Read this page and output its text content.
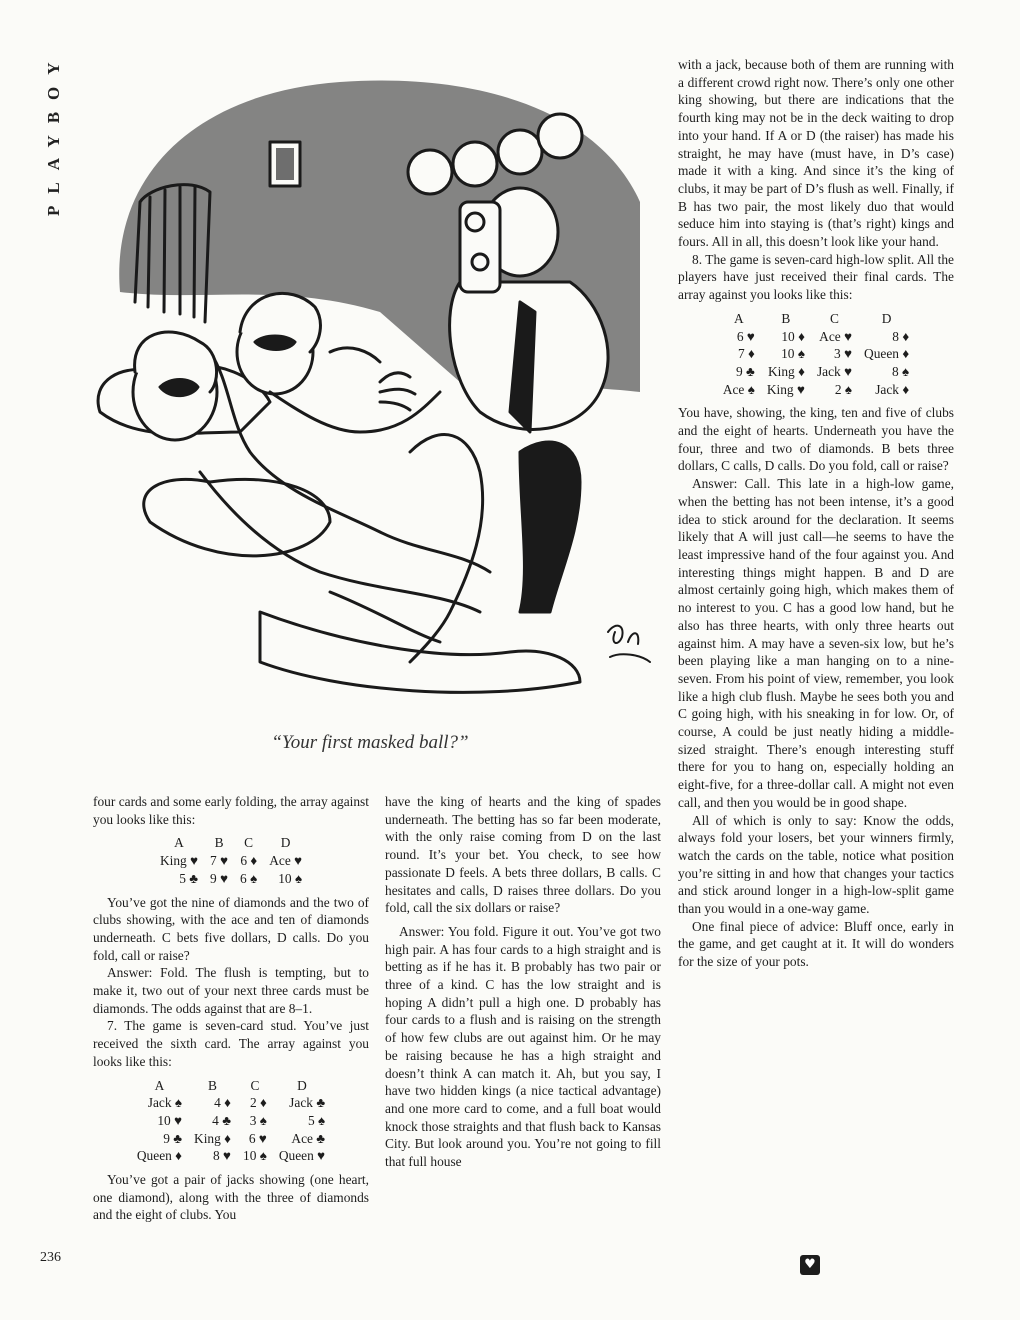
PLAYBOY
“Your first masked ball?”

four cards and some early folding, the array against you looks like this:

A	B	C	D
King ♥	7 ♥	6 ♦	Ace ♥
5 ♣	9 ♥	6 ♠	10 ♠

You’ve got the nine of diamonds and the two of clubs showing, with the ace and ten of diamonds underneath. C bets five dollars, D calls. Do you fold, call or raise?

Answer: Fold. The flush is tempting, but to make it, two out of your next three cards must be diamonds. The odds against that are 8–1.

7. The game is seven-card stud. You’ve just received the sixth card. The array against you looks like this:

A	B	C	D
Jack ♠	4 ♦	2 ♦	Jack ♣
10 ♥	4 ♣	3 ♠	5 ♠
9 ♣	King ♦	6 ♥	Ace ♣
Queen ♦	8 ♥	10 ♠	Queen ♥

You’ve got a pair of jacks showing (one heart, one diamond), along with the three of diamonds and the eight of clubs. You

have the king of hearts and the king of spades underneath. The betting has so far been moderate, with the only raise coming from D on the last round. It’s your bet. You check, to see how passionate D feels. A bets three dollars, B calls. C hesitates and calls, D raises three dollars. Do you fold, call the six dollars or raise?

Answer: You fold. Figure it out. You’ve got two high pair. A has four cards to a high straight and is betting as if he has it. B probably has two pair or three of a kind. C has the low straight and is hoping A didn’t pull a high one. D probably has four cards to a flush and is raising on the strength of how few clubs are out against him. Or he may be raising because he has a high straight and doesn’t think A can match it. Ah, but you say, I have two hidden kings (a nice tactical advantage) and one more card to come, and a full boat would knock those straights and that flush back to Kansas City. But look around you. You’re not going to fill that full house

with a jack, because both of them are running with a different crowd right now. There’s only one other king showing, but there are indications that the fourth king may not be in the deck waiting to drop into your hand. If A or D (the raiser) has made his straight, he may have (must have, in D’s case) made it with a king. And since it’s the king of clubs, it may be part of D’s flush as well. Finally, if B has two pair, the most likely duo that would seduce him into staying is (that’s right) kings and fours. All in all, this doesn’t look like your hand.

8. The game is seven-card high-low split. All the players have just received their final cards. The array against you looks like this:

A	B	C	D
6 ♥	10 ♦	Ace ♥	8 ♦
7 ♦	10 ♠	3 ♥	Queen ♦
9 ♣	King ♦	Jack ♥	8 ♠
Ace ♠	King ♥	2 ♠	Jack ♦

You have, showing, the king, ten and five of clubs and the eight of hearts. Underneath you have the four, three and two of diamonds. B bets three dollars, C calls, D calls. Do you fold, call or raise?

Answer: Call. This late in a high-low game, when the betting has not been intense, it’s a good idea to stick around for the declaration. It seems likely that A will just call—he seems to have the least impressive hand of the four against you. And interesting things might happen. B and D are almost certainly going high, which makes them of no interest to you. C has a good low hand, but he also has three hearts, with only three hearts out against him. A may have a seven-six low, but he’s been playing like a man hanging on to a nine-seven. From his point of view, remember, you look like a high club flush. Maybe he sees both you and C going high, with his sneaking in for low. Or, of course, A could be just neatly hiding a middle-sized straight. There’s enough interesting stuff there for you to hang on, especially holding an eight-five, for a three-dollar call. A might not even call, and then you would be in good shape.

All of which is only to say: Know the odds, always fold your losers, bet your winners firmly, watch the cards on the table, notice what position you’re sitting in and how that changes your tactics and stick around longer in a high-low-split game than you would in a one-way game.

One final piece of advice: Bluff once, early in the game, and get caught at it. It will do wonders for the size of your pots.

236	♥
